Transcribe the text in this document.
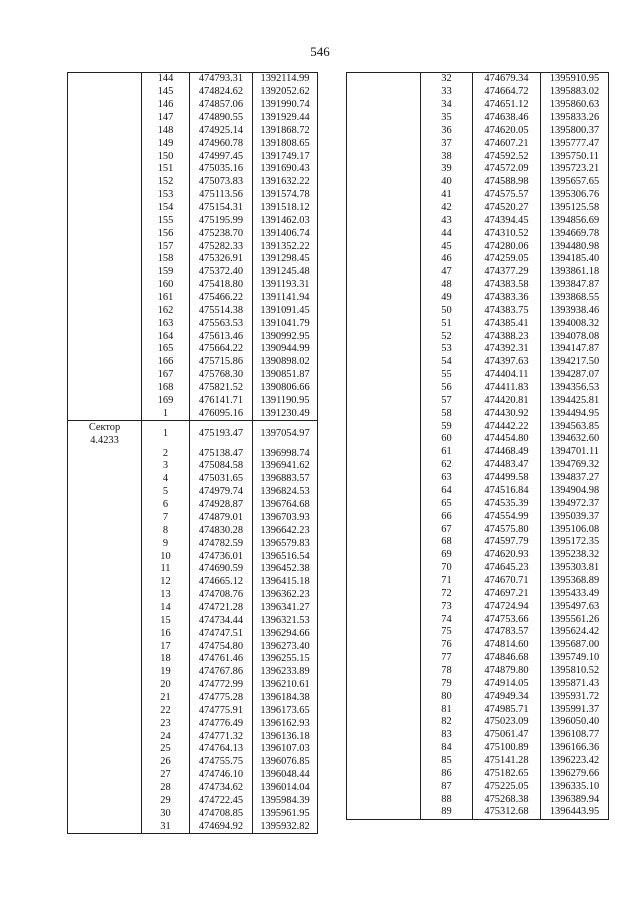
546
	144	474793.31	1392114.99
	145	474824.62	1392052.62
	146	474857.06	1391990.74
	147	474890.55	1391929.44
	148	474925.14	1391868.72
	149	474960.78	1391808.65
	150	474997.45	1391749.17
	151	475035.16	1391690.43
	152	475073.83	1391632.22
	153	475113.56	1391574.78
	154	475154.31	1391518.12
	155	475195.99	1391462.03
	156	475238.70	1391406.74
	157	475282.33	1391352.22
	158	475326.91	1391298.45
	159	475372.40	1391245.48
	160	475418.80	1391193.31
	161	475466.22	1391141.94
	162	475514.38	1391091.45
	163	475563.53	1391041.79
	164	475613.46	1390992.95
	165	475664.22	1390944.99
	166	475715.86	1390898.02
	167	475768.30	1390851.87
	168	475821.52	1390806.66
	169	476141.71	1391190.95
	1	476095.16	1391230.49

Сектор
4.4233	1	475193.47	1397054.97
	2	475138.47	1396998.74
	3	475084.58	1396941.62
	4	475031.65	1396883.57
	5	474979.74	1396824.53
	6	474928.87	1396764.68
	7	474879.01	1396703.93
	8	474830.28	1396642.23
	9	474782.59	1396579.83
	10	474736.01	1396516.54
	11	474690.59	1396452.38
	12	474665.12	1396415.18
	13	474708.76	1396362.23
	14	474721.28	1396341.27
	15	474734.44	1396321.53
	16	474747.51	1396294.66
	17	474754.80	1396273.40
	18	474761.46	1396255.15
	19	474767.86	1396233.89
	20	474772.99	1396210.61
	21	474775.28	1396184.38
	22	474775.91	1396173.65
	23	474776.49	1396162.93
	24	474771.32	1396136.18
	25	474764.13	1396107.03
	26	474755.75	1396076.85
	27	474746.10	1396048.44
	28	474734.62	1396014.04
	29	474722.45	1395984.39
	30	474708.85	1395961.95
	31	474694.92	1395932.82
	32	474679.34	1395910.95
	33	474664.72	1395883.02
	34	474651.12	1395860.63
	35	474638.46	1395833.26
	36	474620.05	1395800.37
	37	474607.21	1395777.47
	38	474592.52	1395750.11
	39	474572.09	1395723.21
	40	474588.98	1395657.65
	41	474575.57	1395306.76
	42	474520.27	1395125.58
	43	474394.45	1394856.69
	44	474310.52	1394669.78
	45	474280.06	1394480.98
	46	474259.05	1394185.40
	47	474377.29	1393861.18
	48	474383.58	1393847.87
	49	474383.36	1393868.55
	50	474383.75	1393938.46
	51	474385.41	1394008.32
	52	474388.23	1394078.08
	53	474392.31	1394147.87
	54	474397.63	1394217.50
	55	474404.11	1394287.07
	56	474411.83	1394356.53
	57	474420.81	1394425.81
	58	474430.92	1394494.95
	59	474442.22	1394563.85
	60	474454.80	1394632.60
	61	474468.49	1394701.11
	62	474483.47	1394769.32
	63	474499.58	1394837.27
	64	474516.84	1394904.98
	65	474535.39	1394972.37
	66	474554.99	1395039.37
	67	474575.80	1395106.08
	68	474597.79	1395172.35
	69	474620.93	1395238.32
	70	474645.23	1395303.81
	71	474670.71	1395368.89
	72	474697.21	1395433.49
	73	474724.94	1395497.63
	74	474753.66	1395561.26
	75	474783.57	1395624.42
	76	474814.60	1395687.00
	77	474846.68	1395749.10
	78	474879.80	1395810.52
	79	474914.05	1395871.43
	80	474949.34	1395931.72
	81	474985.71	1395991.37
	82	475023.09	1396050.40
	83	475061.47	1396108.77
	84	475100.89	1396166.36
	85	475141.28	1396223.42
	86	475182.65	1396279.66
	87	475225.05	1396335.10
	88	475268.38	1396389.94
	89	475312.68	1396443.95
